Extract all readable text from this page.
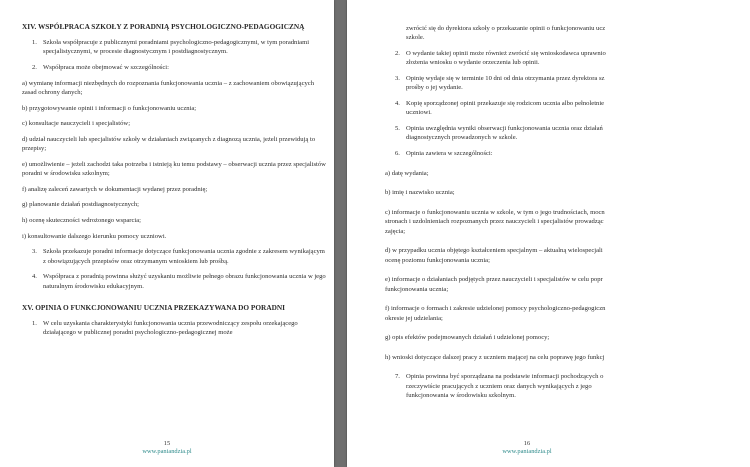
XIV. WSPÓŁPRACA SZKOŁY Z PORADNIĄ PSYCHOLOGICZNO-PEDAGOGICZNĄ
1. Szkoła współpracuje z publicznymi poradniami psychologiczno-pedagogicznymi, w tym poradniami specjalistycznymi, w procesie diagnostycznym i postdiagnostycznym.
2. Współpraca może obejmować w szczególności:
a) wymianę informacji niezbędnych do rozpoznania funkcjonowania ucznia – z zachowaniem obowiązujących zasad ochrony danych;
b) przygotowywanie opinii i informacji o funkcjonowaniu ucznia;
c) konsultacje nauczycieli i specjalistów;
d) udział nauczycieli lub specjalistów szkoły w działaniach związanych z diagnozą ucznia, jeżeli przewidują to przepisy;
e) umożliwienie – jeżeli zachodzi taka potrzeba i istnieją ku temu podstawy – obserwacji ucznia przez specjalistów poradni w środowisku szkolnym;
f) analizę zaleceń zawartych w dokumentacji wydanej przez poradnię;
g) planowanie działań postdiagnostycznych;
h) ocenę skuteczności wdrożonego wsparcia;
i) konsultowanie dalszego kierunku pomocy uczniowi.
3. Szkoła przekazuje poradni informacje dotyczące funkcjonowania ucznia zgodnie z zakresem wynikającym z obowiązujących przepisów oraz otrzymanym wnioskiem lub prośbą.
4. Współpraca z poradnią powinna służyć uzyskaniu możliwie pełnego obrazu funkcjonowania ucznia w jego naturalnym środowisku edukacyjnym.
XV. OPINIA O FUNKCJONOWANIU UCZNIA PRZEKAZYWANA DO PORADNI
1. W celu uzyskania charakterystyki funkcjonowania ucznia przewodniczący zespołu orzekającego działającego w publicznej poradni psychologiczno-pedagogicznej może
15
www.paniandzia.pl
zwrócić się do dyrektora szkoły o przekazanie opinii o funkcjonowaniu ucz
szkole.
2. O wydanie takiej opinii może również zwrócić się wnioskodawca uprawnio
złożenia wniosku o wydanie orzeczenia lub opinii.
3. Opinię wydaje się w terminie 10 dni od dnia otrzymania przez dyrektora sz
prośby o jej wydanie.
4. Kopię sporządzonej opinii przekazuje się rodzicom ucznia albo pełnoletnie
uczniowi.
5. Opinia uwzględnia wyniki obserwacji funkcjonowania ucznia oraz działań
diagnostycznych prowadzonych w szkole.
6. Opinia zawiera w szczególności:
a) datę wydania;
b) imię i nazwisko ucznia;
c) informacje o funkcjonowaniu ucznia w szkole, w tym o jego trudnościach, mocn
stronach i uzdolnieniach rozpoznanych przez nauczycieli i specjalistów prowadząc
zajęcia;
d) w przypadku ucznia objętego kształceniem specjalnym – aktualną wielospecjali
ocenę poziomu funkcjonowania ucznia;
e) informacje o działaniach podjętych przez nauczycieli i specjalistów w celu popr
funkcjonowania ucznia;
f) informacje o formach i zakresie udzielonej pomocy psychologiczno-pedagogiczn
okresie jej udzielania;
g) opis efektów podejmowanych działań i udzielonej pomocy;
h) wnioski dotyczące dalszej pracy z uczniem mającej na celu poprawę jego funkcj
7. Opinia powinna być sporządzana na podstawie informacji pochodzących o
rzeczywiście pracujących z uczniem oraz danych wynikających z jego
funkcjonowania w środowisku szkolnym.
16
www.paniandzia.pl
